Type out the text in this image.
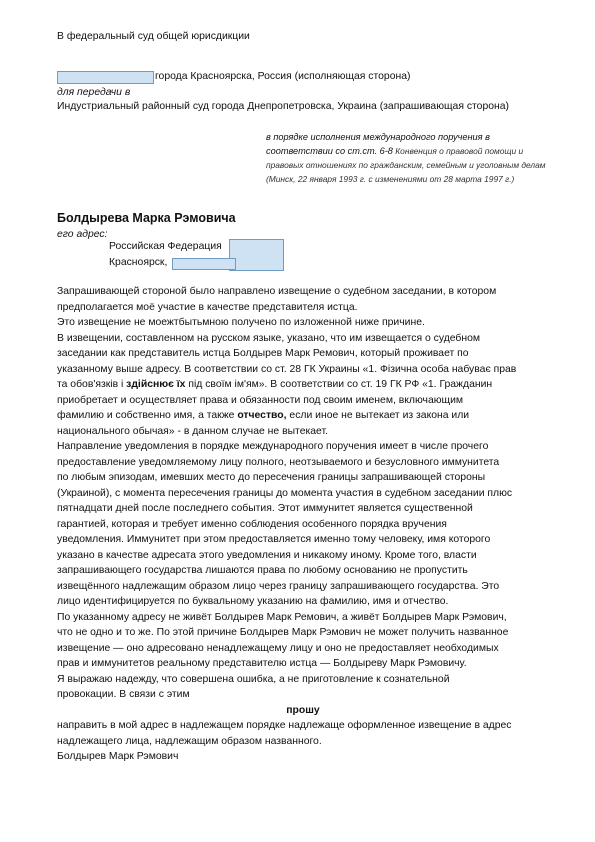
В федеральный суд общей юрисдикции
города Красноярска, Россия (исполняющая сторона)
для передачи в
Индустриальный районный суд города Днепропетровска, Украина (запрашивающая сторона)
в порядке исполнения международного поручения в соответствии со ст.ст. 6-8 Конвенция о правовой помощи и правовых отношениях по гражданским, семейным и уголовным делам (Минск, 22 января 1993 г. с изменениями от 28 марта 1997 г.)
Болдырева Марка Рэмовича
его адрес:
Российская Федерация
Красноярск,
Запрашивающей стороной было направлено извещение о судебном заседании, в котором
предполагается моё участие в качестве представителя истца.
Это извещение не моежтбытьмною получено по изложенной ниже причине.
В извещении, составленном на русском языке, указано, что им извещается о судебном
заседании как представитель истца Болдырев Марк Ремович, который проживает по
указанному выше адресу. В соответствии со ст. 28 ГК Украины «1. Фізична особа набуває прав
та обов'язків і здійснює їх під своїм ім'ям». В соответствии со ст. 19 ГК РФ «1. Гражданин
приобретает и осуществляет права и обязанности под своим именем, включающим
фамилию и собственно имя, а также отчество, если иное не вытекает из закона или
национального обычая» - в данном случае не вытекает.
Направление уведомления в порядке международного поручения имеет в числе прочего
предоставление уведомляемому лицу полного, неотзываемого и безусловного иммунитета
по любым эпизодам, имевших место до пересечения границы запрашивающей стороны
(Украиной), с момента пересечения границы до момента участия в судебном заседании плюс
пятнадцати дней после последнего события. Этот иммунитет является существенной
гарантией, которая и требует именно соблюдения особенного порядка вручения
уведомления. Иммунитет при этом предоставляется именно тому человеку, имя которого
указано в качестве адресата этого уведомления и никакому иному. Кроме того, власти
запрашивающего государства лишаются права по любому основанию не пропустить
извещённого надлежащим образом лицо через границу запрашивающего государства. Это
лицо идентифицируется по буквальному указанию на фамилию, имя и отчество.
По указанному адресу не живёт Болдырев Марк Ремович, а живёт Болдырев Марк Рэмович,
что не одно и то же. По этой причине Болдырев Марк Рэмович не может получить названное
извещение — оно адресовано ненадлежащему лицу и оно не предоставляет необходимых
прав и иммунитетов реальному представителю истца — Болдыреву Марк Рэмовичу.
Я выражаю надежду, что совершена ошибка, а не приготовление к сознательной
провокации. В связи с этим
прошу
направить в мой адрес в надлежащем порядке надлежаще оформленное извещение в адрес
надлежащего лица, надлежащим образом названного.
Болдырев Марк Рэмович
